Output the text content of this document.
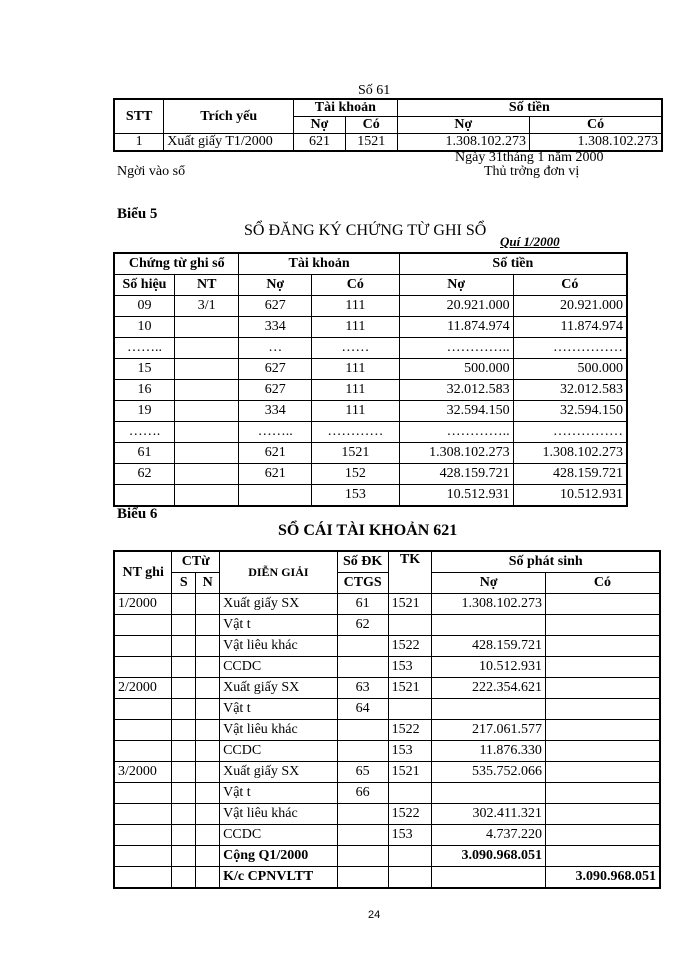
Số 61
STT	Trích yếu	Tài khoản		Số tiền	
		Nợ	Có	Nợ	Có
1	Xuất giấy T1/2000	621	1521	1.308.102.273	1.308.102.273
Ngày 31tháng 1 năm 2000
Ngời vào sổ	Thủ trởng đơn vị
Biểu 5
SỔ ĐĂNG KÝ CHỨNG TỪ GHI SỔ
Quí 1/2000
Chứng từ ghi sổ		Tài khoản		Số tiền	
Số hiệu	NT	Nợ	Có	Nợ	Có
09	3/1	627	111	20.921.000	20.921.000
10		334	111	11.874.974	11.874.974
……..		…	……	…………..	……………
15		627	111	500.000	500.000
16		627	111	32.012.583	32.012.583
19		334	111	32.594.150	32.594.150
…….		……..	…………	…………..	……………
61		621	1521	1.308.102.273	1.308.102.273
62		621	152	428.159.721	428.159.721
			153	10.512.931	10.512.931
Biểu 6
SỔ CÁI TÀI KHOẢN 621
NT ghi	CTừ		DIỄN GIẢI	Số ĐK	TK	Số phát sinh	
	S	N		CTGS		Nợ	Có
1/2000			Xuất giấy SX	61	1521	1.308.102.273	
			Vật t	62			
			Vật liêu khác		1522	428.159.721	
			CCDC		153	10.512.931	
2/2000			Xuất giấy SX	63	1521	222.354.621	
			Vật t	64			
			Vật liêu khác		1522	217.061.577	
			CCDC		153	11.876.330	
3/2000			Xuất giấy SX	65	1521	535.752.066	
			Vật t	66			
			Vật liêu khác		1522	302.411.321	
			CCDC		153	4.737.220	
			Cộng Q1/2000			3.090.968.051	
			K/c CPNVLTT				3.090.968.051
24
